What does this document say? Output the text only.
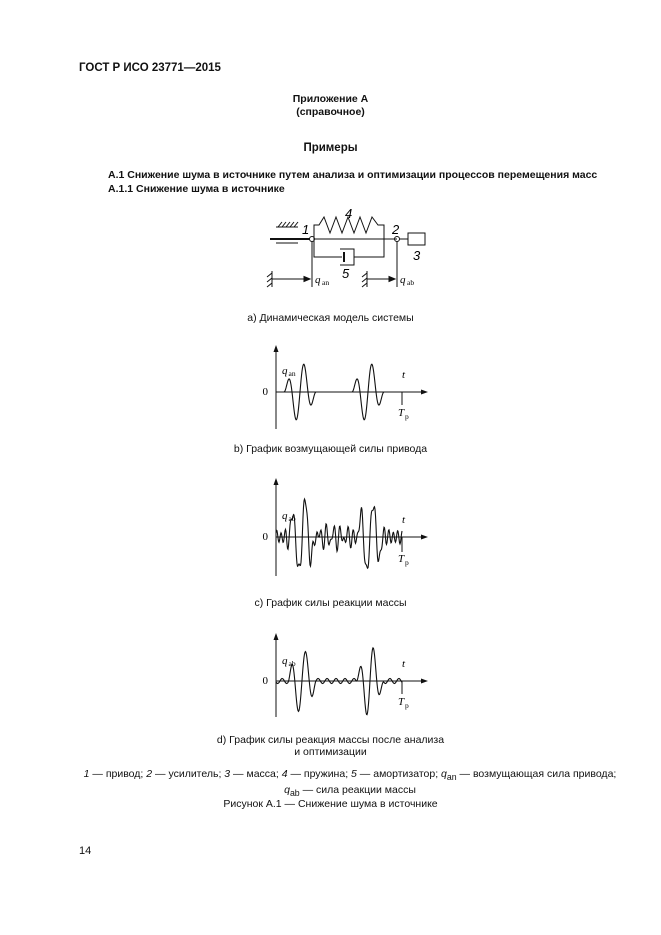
ГОСТ Р ИСО 23771—2015
Приложение А
(справочное)
Примеры
А.1 Снижение шума в источнике путем анализа и оптимизации процессов перемещения масс
А.1.1 Снижение шума в источнике
1
4
2
3
5
q an	q ab
a) Динамическая модель системы
q an
0
t
T p
b) График возмущающей силы привода
q ab
0
t
T p
c) График силы реакции массы
q ab
0
t
T p
d) График силы реакция массы после анализа
и оптимизации
1 — привод; 2 — усилитель; 3 — масса; 4 — пружина; 5 — амортизатор; $q_{an}$ — возмущающая сила привода;
$q_{ab}$ — сила реакции массы
Рисунок А.1 — Снижение шума в источнике
14
